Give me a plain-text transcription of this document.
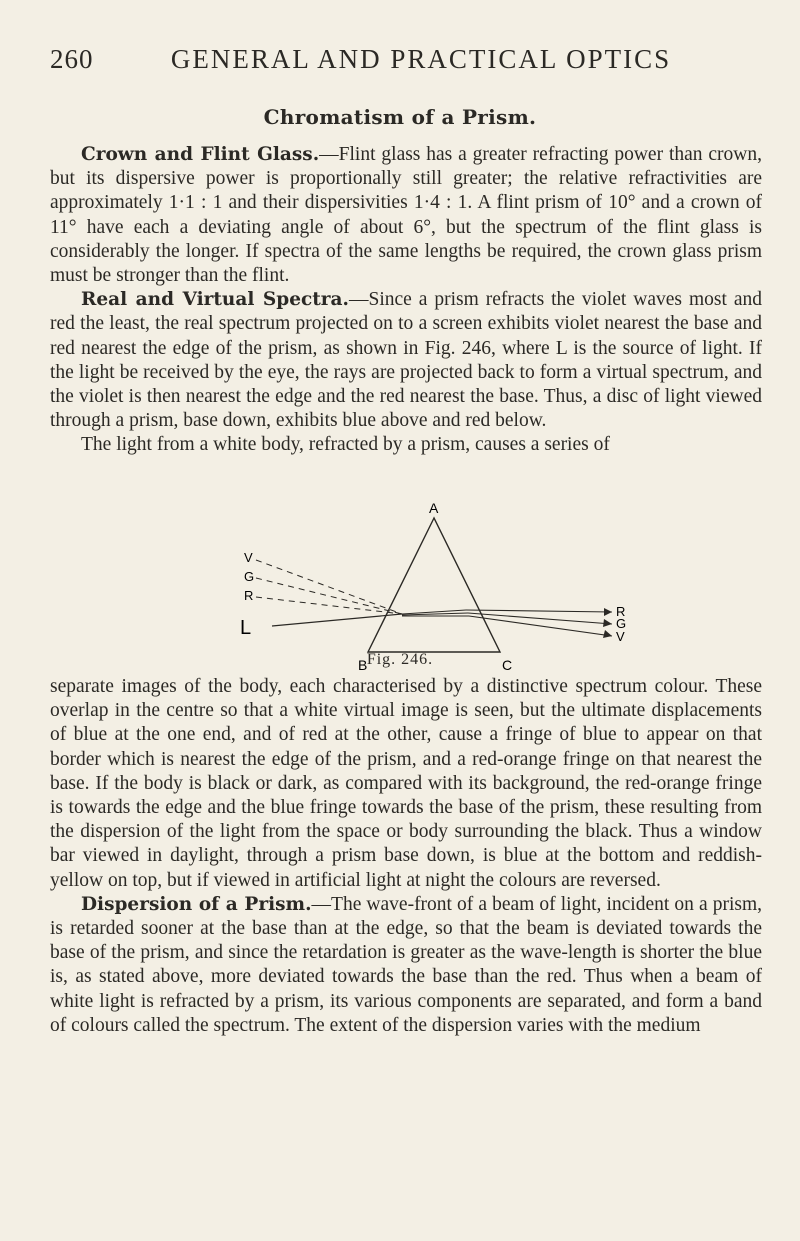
260	GENERAL AND PRACTICAL OPTICS
Chromatism of a Prism.

Crown and Flint Glass.—Flint glass has a greater refracting power than crown, but its dispersive power is proportionally still greater; the relative refractivities are approximately 1·1 : 1 and their dispersivities 1·4 : 1. A flint prism of 10° and a crown of 11° have each a deviating angle of about 6°, but the spectrum of the flint glass is considerably the longer. If spectra of the same lengths be required, the crown glass prism must be stronger than the flint.

Real and Virtual Spectra.—Since a prism refracts the violet waves most and red the least, the real spectrum projected on to a screen exhibits violet nearest the base and red nearest the edge of the prism, as shown in Fig. 246, where L is the source of light. If the light be received by the eye, the rays are projected back to form a virtual spectrum, and the violet is then nearest the edge and the red nearest the base. Thus, a disc of light viewed through a prism, base down, exhibits blue above and red below.

The light from a white body, refracted by a prism, causes a series of

A
B	C
L
V
G
R
R
G
V
Fig. 246.

separate images of the body, each characterised by a distinctive spectrum colour. These overlap in the centre so that a white virtual image is seen, but the ultimate displacements of blue at the one end, and of red at the other, cause a fringe of blue to appear on that border which is nearest the edge of the prism, and a red-orange fringe on that nearest the base. If the body is black or dark, as compared with its background, the red-orange fringe is towards the edge and the blue fringe towards the base of the prism, these resulting from the dispersion of the light from the space or body surrounding the black. Thus a window bar viewed in daylight, through a prism base down, is blue at the bottom and reddish-yellow on top, but if viewed in artificial light at night the colours are reversed.

Dispersion of a Prism.—The wave-front of a beam of light, incident on a prism, is retarded sooner at the base than at the edge, so that the beam is deviated towards the base of the prism, and since the retardation is greater as the wave-length is shorter the blue is, as stated above, more deviated towards the base than the red. Thus when a beam of white light is refracted by a prism, its various components are separated, and form a band of colours called the spectrum. The extent of the dispersion varies with the medium
